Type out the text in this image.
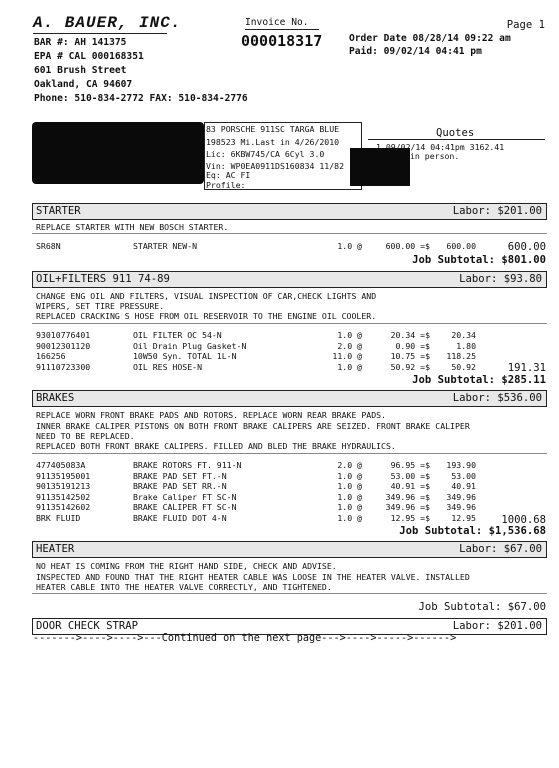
A. BAUER, INC.
BAR #: AH 141375
EPA # CAL 000168351
601 Brush Street
Oakland, CA 94607
Phone: 510-834-2772 FAX: 510-834-2776
Invoice No.
000018317
Page 1
Order Date 08/28/14 09:22 am
Paid: 09/02/14 04:41 pm
83 PORSCHE 911SC TARGA BLUE
198523 Mi.Last in 4/26/2010
Lic: 6KBW745/CA 6Cyl 3.0
Vin: WP0EA0911DS160834 11/82
Eq: AC FI
Profile:
Quotes
1 09/02/14 04:41pm 3162.41
in person.
STARTER	Labor: $201.00
REPLACE STARTER WITH NEW BOSCH STARTER.
600.00
Job Subtotal: $801.00
OIL+FILTERS 911 74-89	Labor: $93.80
CHANGE ENG OIL AND FILTERS, VISUAL INSPECTION OF CAR,CHECK LIGHTS AND
WIPERS, SET TIRE PRESSURE.
REPLACED CRACKING S HOSE FROM OIL RESERVOIR TO THE ENGINE OIL COOLER.
191.31
Job Subtotal: $285.11
BRAKES	Labor: $536.00
REPLACE WORN FRONT BRAKE PADS AND ROTORS. REPLACE WORN REAR BRAKE PADS.
INNER BRAKE CALIPER PISTONS ON BOTH FRONT BRAKE CALIPERS ARE SEIZED. FRONT BRAKE CALIPER
NEED TO BE REPLACED.
REPLACED BOTH FRONT BRAKE CALIPERS. FILLED AND BLED THE BRAKE HYDRAULICS.
1000.68
Job Subtotal: $1,536.68
HEATER	Labor: $67.00
NO HEAT IS COMING FROM THE RIGHT HAND SIDE, CHECK AND ADVISE.
INSPECTED AND FOUND THAT THE RIGHT HEATER CABLE WAS LOOSE IN THE HEATER VALVE. INSTALLED
HEATER CABLE INTO THE HEATER VALVE CORRECTLY, AND TIGHTENED.
Job Subtotal: $67.00
DOOR CHECK STRAP	Labor: $201.00
------->---->---->---Continued on the next page--->---->----->------>
SR68N	STARTER NEW-N	1.0 @	600.00 =$	600.00
93010776401	OIL FILTER OC 54-N	1.0 @	20.34 =$	20.34
90012301120	Oil Drain Plug Gasket-N	2.0 @	0.90 =$	1.80
166256	10W50 Syn. TOTAL 1L-N	11.0 @	10.75 =$	118.25
91110723300	OIL RES HOSE-N	1.0 @	50.92 =$	50.92
477405083A	BRAKE ROTORS FT. 911-N	2.0 @	96.95 =$	193.90
91135195001	BRAKE PAD SET FT.-N	1.0 @	53.00 =$	53.00
90135191213	BRAKE PAD SET RR.-N	1.0 @	40.91 =$	40.91
91135142502	Brake Caliper FT SC-N	1.0 @	349.96 =$	349.96
91135142602	BRAKE CALIPER FT SC-N	1.0 @	349.96 =$	349.96
BRK FLUID	BRAKE FLUID DOT 4-N	1.0 @	12.95 =$	12.95
